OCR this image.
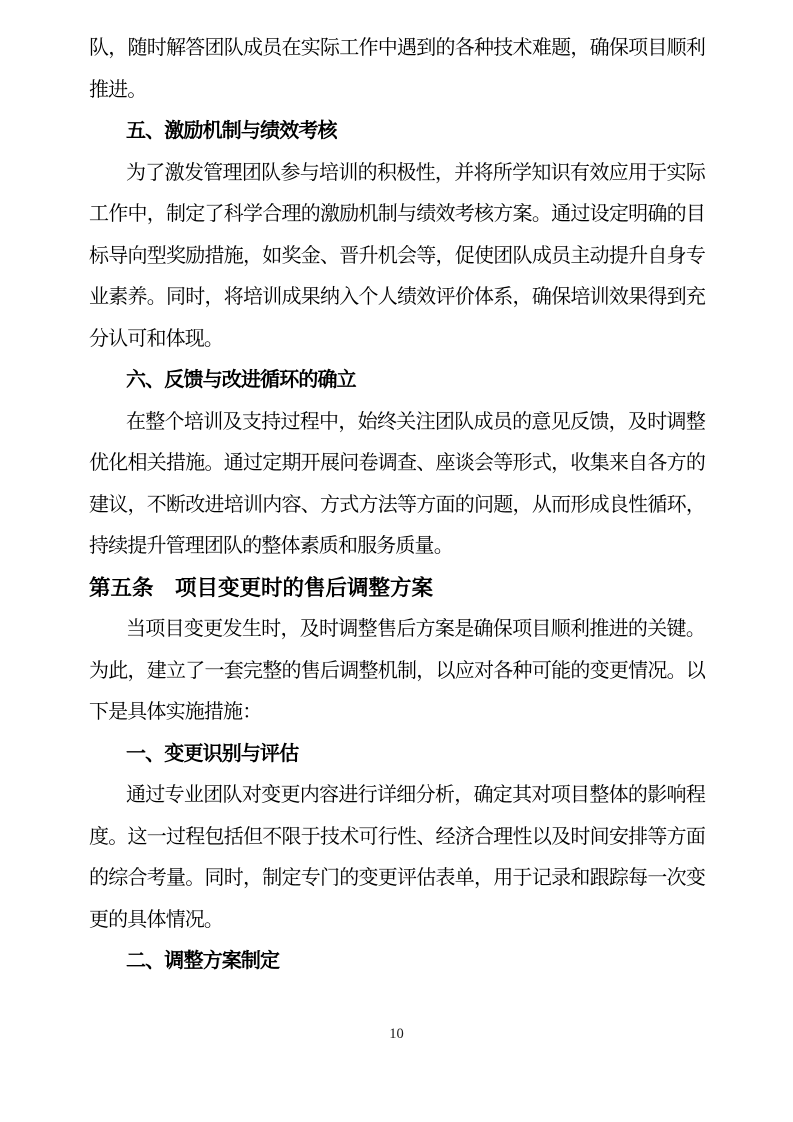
队，随时解答团队成员在实际工作中遇到的各种技术难题，确保项目顺利
推进。

五、激励机制与绩效考核

为了激发管理团队参与培训的积极性，并将所学知识有效应用于实际
工作中，制定了科学合理的激励机制与绩效考核方案。通过设定明确的目
标导向型奖励措施，如奖金、晋升机会等，促使团队成员主动提升自身专
业素养。同时，将培训成果纳入个人绩效评价体系，确保培训效果得到充
分认可和体现。

六、反馈与改进循环的确立

在整个培训及支持过程中，始终关注团队成员的意见反馈，及时调整
优化相关措施。通过定期开展问卷调查、座谈会等形式，收集来自各方的
建议，不断改进培训内容、方式方法等方面的问题，从而形成良性循环，
持续提升管理团队的整体素质和服务质量。

第五条　项目变更时的售后调整方案

当项目变更发生时，及时调整售后方案是确保项目顺利推进的关键。
为此，建立了一套完整的售后调整机制，以应对各种可能的变更情况。以
下是具体实施措施：

一、变更识别与评估

通过专业团队对变更内容进行详细分析，确定其对项目整体的影响程
度。这一过程包括但不限于技术可行性、经济合理性以及时间安排等方面
的综合考量。同时，制定专门的变更评估表单，用于记录和跟踪每一次变
更的具体情况。

二、调整方案制定
10
